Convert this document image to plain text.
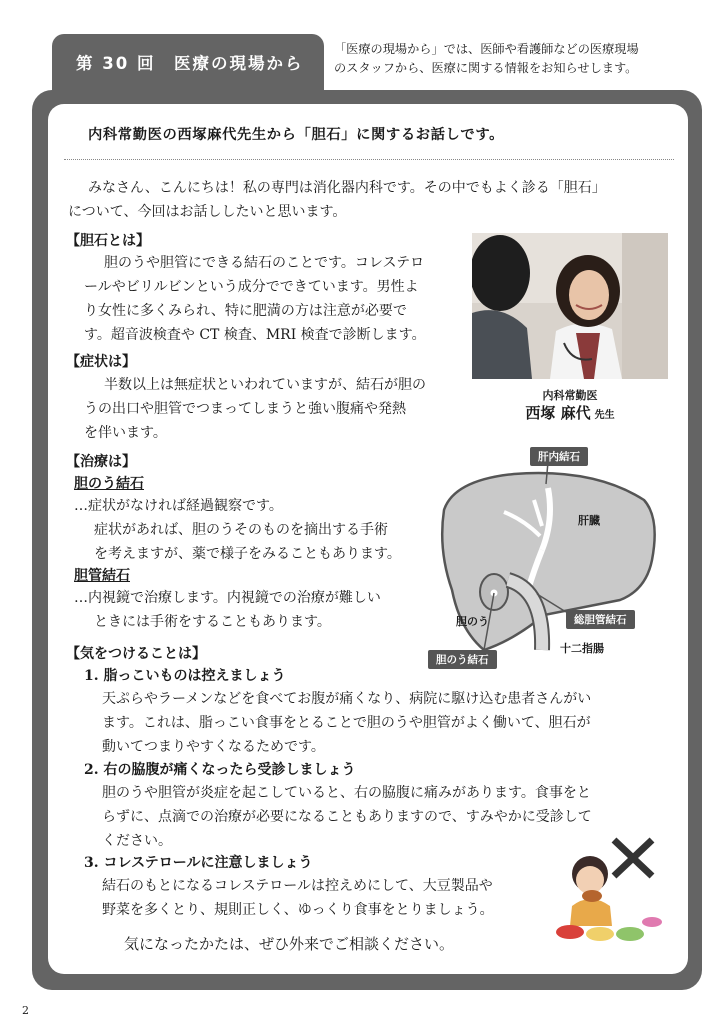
第 30 回　医療の現場から
「医療の現場から」では、医師や看護師などの医療現場
のスタッフから、医療に関する情報をお知らせします。
内科常勤医の西塚麻代先生から「胆石」に関するお話しです。
みなさん、こんにちは！私の専門は消化器内科です。その中でもよく診る「胆石」
について、今回はお話ししたいと思います。
【胆石とは】
胆のうや胆管にできる結石のことです。コレステロ
ールやビリルビンという成分でできています。男性よ
り女性に多くみられ、特に肥満の方は注意が必要で
す。超音波検査や CT 検査、MRI 検査で診断します。
【症状は】
半数以上は無症状といわれていますが、結石が胆の
うの出口や胆管でつまってしまうと強い腹痛や発熱
を伴います。
【治療は】
胆のう結石
…症状がなければ経過観察です。
症状があれば、胆のうそのものを摘出する手術
を考えますが、薬で様子をみることもあります。
胆管結石
…内視鏡で治療します。内視鏡での治療が難しい
ときには手術をすることもあります。
【気をつけることは】
1. 脂っこいものは控えましょう
天ぷらやラーメンなどを食べてお腹が痛くなり、病院に駆け込む患者さんがい
ます。これは、脂っこい食事をとることで胆のうや胆管がよく働いて、胆石が
動いてつまりやすくなるためです。
2. 右の脇腹が痛くなったら受診しましょう
胆のうや胆管が炎症を起こしていると、右の脇腹に痛みがあります。食事をと
らずに、点滴での治療が必要になることもありますので、すみやかに受診して
ください。
3. コレステロールに注意しましょう
結石のもとになるコレステロールは控えめにして、大豆製品や
野菜を多くとり、規則正しく、ゆっくり食事をとりましょう。
気になったかたは、ぜひ外来でご相談ください。
内科常勤医
西塚 麻代 先生
肝内結石
肝臓
総胆管結石
胆のう
十二指腸
胆のう結石
2
